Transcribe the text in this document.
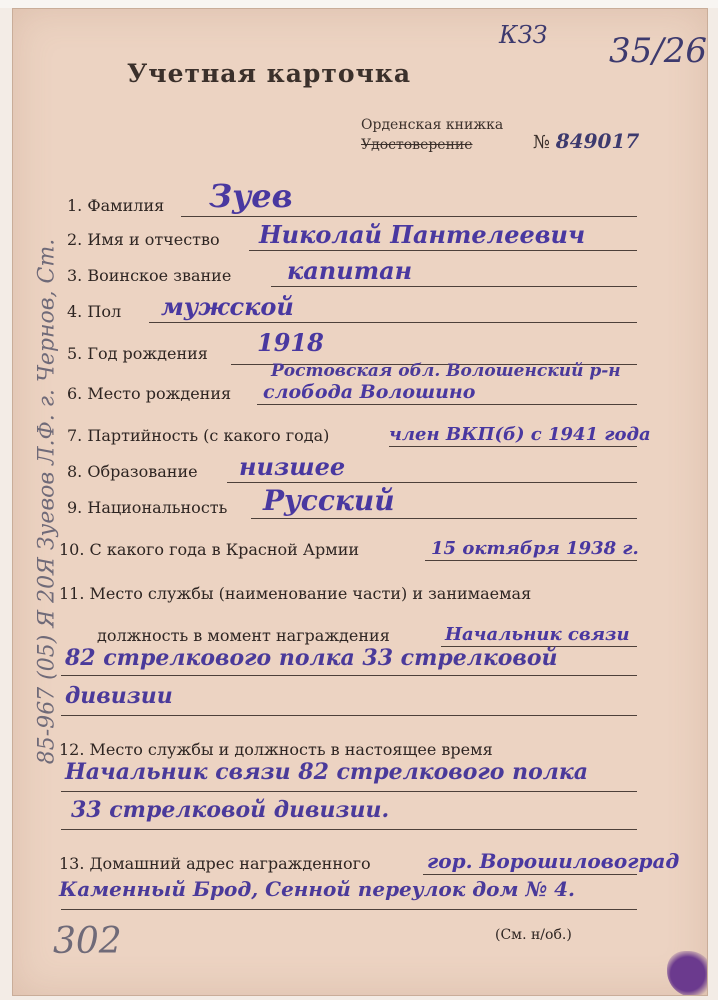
Учетная карточка
КЗЗ 35/26
Орденская книжка
Удостоверение	№ 849017
85-967 (05) Я 20Я Зуевов Л.Ф. г. Чернов, Ст.
1. Фамилия Зуев
2. Имя и отчество Николай Пантелеевич
3. Воинское звание капитан
4. Пол мужской
5. Год рождения 1918
Ростовская обл. Волошенский р-н
6. Место рождения слобода Волошино
7. Партийность (с какого года)	член ВКП(б) с 1941 года
8. Образование низшее
9. Национальность Русский
10. С какого года в Красной Армии	15 октября 1938 г.
11. Место службы (наименование части) и занимаемая
должность в момент награждения	Начальник связи
82 стрелкового полка 33 стрелковой
дивизии
12. Место службы и должность в настоящее время
Начальник связи 82 стрелкового полка
33 стрелковой дивизии.
13. Домашний адрес награжденного	гор. Ворошиловоград
Каменный Брод, Сенной переулок дом № 4.
302	(См. н/об.)
